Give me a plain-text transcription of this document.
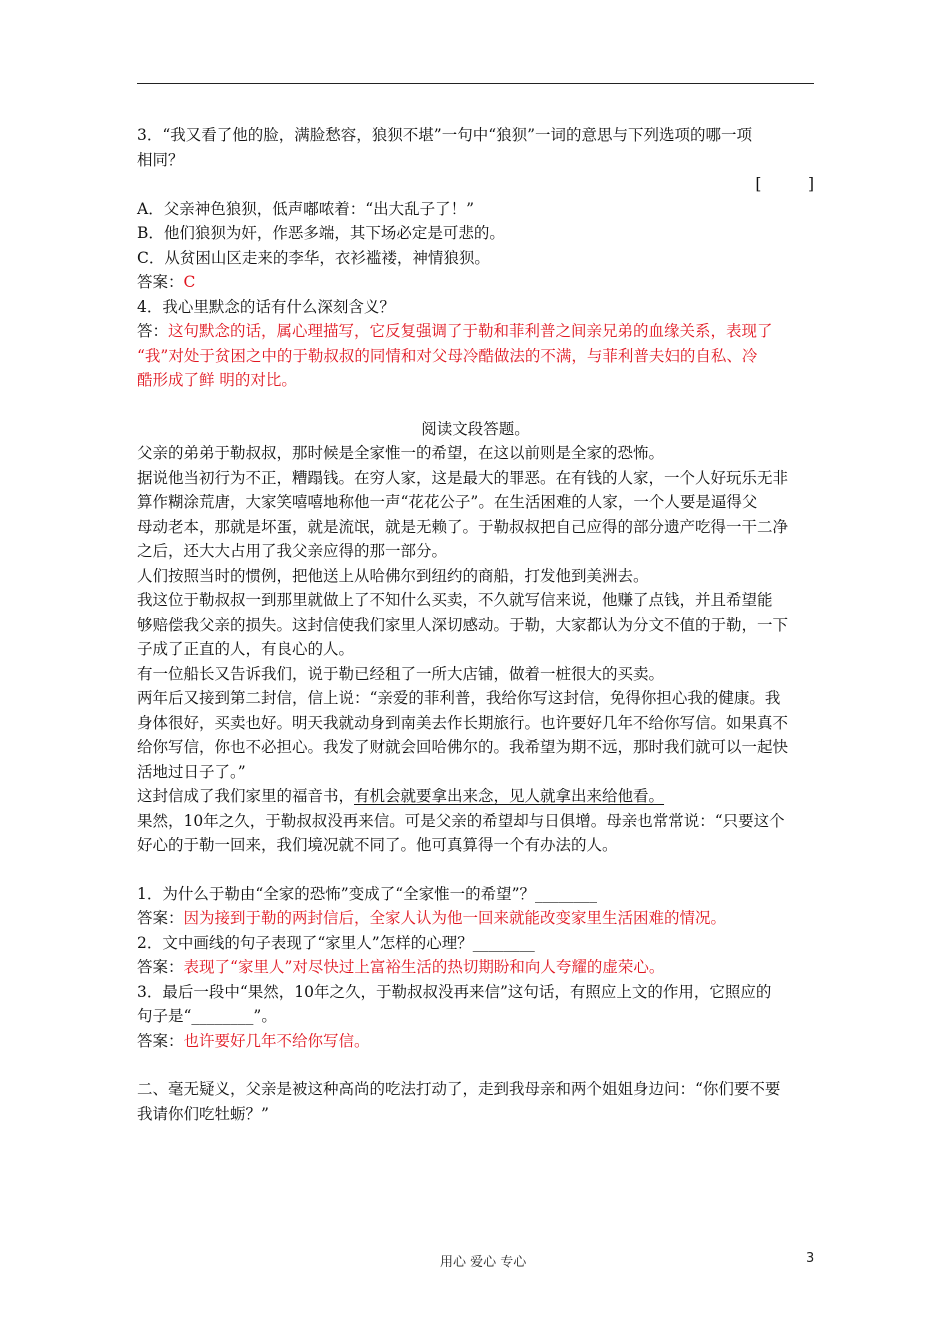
3．“我又看了他的脸，满脸愁容，狼狈不堪”一句中“狼狈”一词的意思与下列选项的哪一项

相同？

[　　　]

A．父亲神色狼狈，低声嘟哝着：“出大乱子了！”

B．他们狼狈为奸，作恶多端，其下场必定是可悲的。

C．从贫困山区走来的李华，衣衫褴褛，神情狼狈。

答案：C

4．我心里默念的话有什么深刻含义？

答：这句默念的话，属心理描写，它反复强调了于勒和菲利普之间亲兄弟的血缘关系，表现了

“我”对处于贫困之中的于勒叔叔的同情和对父母冷酷做法的不满，与菲利普夫妇的自私、冷

酷形成了鲜 明的对比。

阅读文段答题。

父亲的弟弟于勒叔叔，那时候是全家惟一的希望，在这以前则是全家的恐怖。

据说他当初行为不正，糟蹋钱。在穷人家，这是最大的罪恶。在有钱的人家，一个人好玩乐无非

算作糊涂荒唐，大家笑嘻嘻地称他一声“花花公子”。在生活困难的人家，一个人要是逼得父

母动老本，那就是坏蛋，就是流氓，就是无赖了。于勒叔叔把自己应得的部分遗产吃得一干二净

之后，还大大占用了我父亲应得的那一部分。

人们按照当时的惯例，把他送上从哈佛尔到纽约的商船，打发他到美洲去。

我这位于勒叔叔一到那里就做上了不知什么买卖，不久就写信来说，他赚了点钱，并且希望能

够赔偿我父亲的损失。这封信使我们家里人深切感动。于勒，大家都认为分文不值的于勒，一下

子成了正直的人，有良心的人。

有一位船长又告诉我们，说于勒已经租了一所大店铺，做着一桩很大的买卖。

两年后又接到第二封信，信上说：“亲爱的菲利普，我给你写这封信，免得你担心我的健康。我

身体很好，买卖也好。明天我就动身到南美去作长期旅行。也许要好几年不给你写信。如果真不

给你写信，你也不必担心。我发了财就会回哈佛尔的。我希望为期不远，那时我们就可以一起快

活地过日子了。”

这封信成了我们家里的福音书，有机会就要拿出来念，见人就拿出来给他看。

果然，10年之久，于勒叔叔没再来信。可是父亲的希望却与日俱增。母亲也常常说：“只要这个

好心的于勒一回来，我们境况就不同了。他可真算得一个有办法的人。

1．为什么于勒由“全家的恐怖”变成了“全家惟一的希望”？________

答案：因为接到于勒的两封信后，全家人认为他一回来就能改变家里生活困难的情况。

2．文中画线的句子表现了“家里人”怎样的心理？________

答案：表现了“家里人”对尽快过上富裕生活的热切期盼和向人夸耀的虚荣心。

3．最后一段中“果然，10年之久，于勒叔叔没再来信”这句话，有照应上文的作用，它照应的

句子是“________”。

答案：也许要好几年不给你写信。

二、毫无疑义，父亲是被这种高尚的吃法打动了，走到我母亲和两个姐姐身边问：“你们要不要

我请你们吃牡蛎？”

用心 爱心 专心	3
